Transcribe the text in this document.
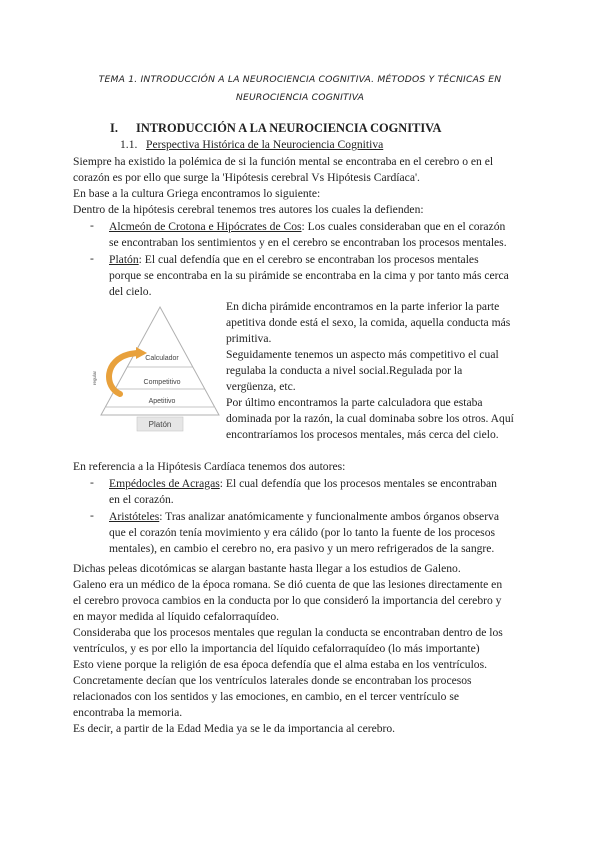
TEMA 1. INTRODUCCIÓN A LA NEUROCIENCIA COGNITIVA. MÉTODOS Y TÉCNICAS EN
NEUROCIENCIA COGNITIVA
I. INTRODUCCIÓN A LA NEUROCIENCIA COGNITIVA
1.1. Perspectiva Histórica de la Neurociencia Cognitiva
Siempre ha existido la polémica de si la función mental se encontraba en el cerebro o en el
corazón es por ello que surge la 'Hipótesis cerebral Vs Hipótesis Cardíaca'.
En base a la cultura Griega encontramos lo siguiente:
Dentro de la hipótesis cerebral tenemos tres autores los cuales la defienden:
- Alcmeón de Crotona e Hipócrates de Cos: Los cuales consideraban que en el corazón
se encontraban los sentimientos y en el cerebro se encontraban los procesos mentales.
- Platón: El cual defendía que en el cerebro se encontraban los procesos mentales
porque se encontraba en la su pirámide se encontraba en la cima y por tanto más cerca
del cielo.
regular
Calculador
Competitivo
Apetitivo
Platón
En dicha pirámide encontramos en la parte inferior la parte
apetitiva donde está el sexo, la comida, aquella conducta más
primitiva.
Seguidamente tenemos un aspecto más competitivo el cual
regulaba la conducta a nivel social.Regulada por la
vergüenza, etc.
Por último encontramos la parte calculadora que estaba
dominada por la razón, la cual dominaba sobre los otros. Aquí
encontraríamos los procesos mentales, más cerca del cielo.
En referencia a la Hipótesis Cardíaca tenemos dos autores:
- Empédocles de Acragas: El cual defendía que los procesos mentales se encontraban
en el corazón.
- Aristóteles: Tras analizar anatómicamente y funcionalmente ambos órganos observa
que el corazón tenía movimiento y era cálido (por lo tanto la fuente de los procesos
mentales), en cambio el cerebro no, era pasivo y un mero refrigerados de la sangre.
Dichas peleas dicotómicas se alargan bastante hasta llegar a los estudios de Galeno.
Galeno era un médico de la época romana. Se dió cuenta de que las lesiones directamente en
el cerebro provoca cambios en la conducta por lo que consideró la importancia del cerebro y
en mayor medida al líquido cefalorraquídeo.
Consideraba que los procesos mentales que regulan la conducta se encontraban dentro de los
ventrículos, y es por ello la importancia del líquido cefalorraquídeo (lo más importante)
Esto viene porque la religión de esa época defendía que el alma estaba en los ventrículos.
Concretamente decían que los ventrículos laterales donde se encontraban los procesos
relacionados con los sentidos y las emociones, en cambio, en el tercer ventrículo se
encontraba la memoria.
Es decir, a partir de la Edad Media ya se le da importancia al cerebro.
